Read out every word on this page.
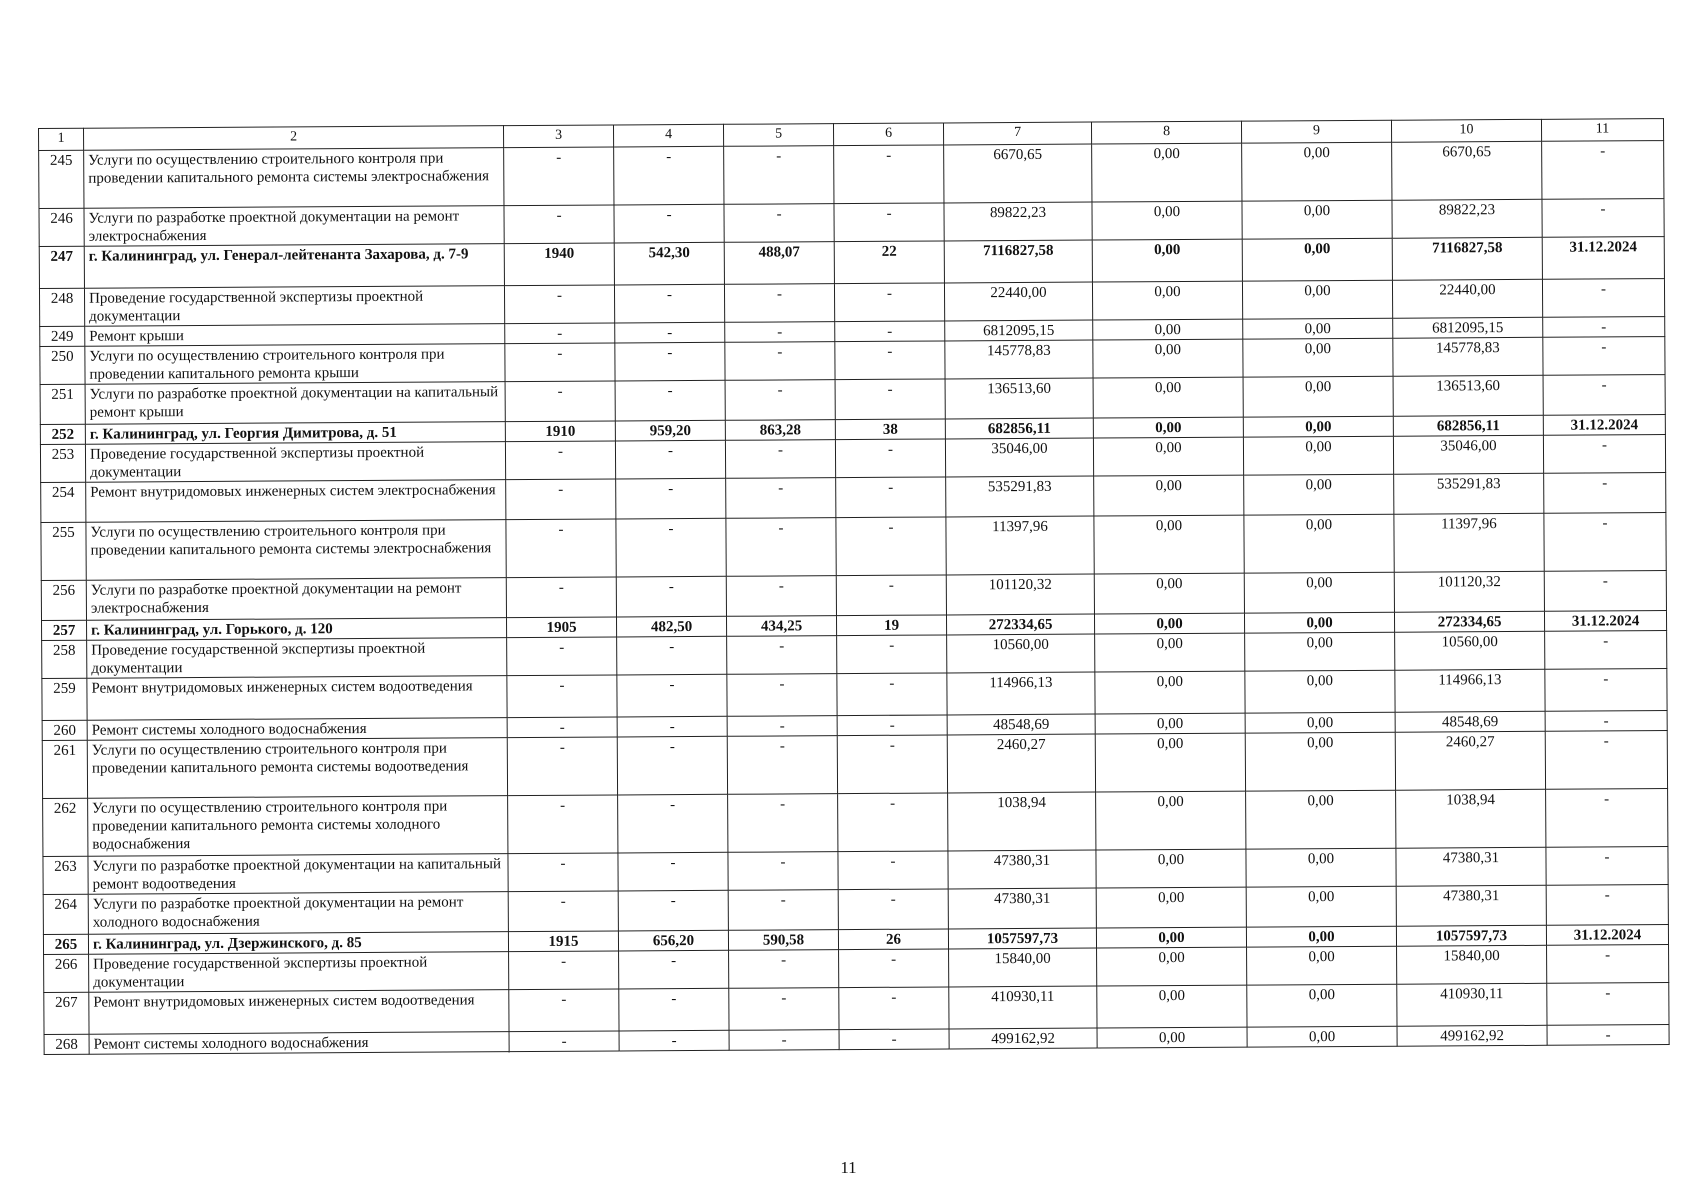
1	2	3	4	5	6	7	8	9	10	11
245	Услуги по осуществлению строительного контроля при проведении капитального ремонта системы электроснабжения	-	-	-	-	6670,65	0,00	0,00	6670,65	-
246	Услуги по разработке проектной документации на ремонт электроснабжения	-	-	-	-	89822,23	0,00	0,00	89822,23	-
247	г. Калининград, ул. Генерал-лейтенанта Захарова, д. 7-9	1940	542,30	488,07	22	7116827,58	0,00	0,00	7116827,58	31.12.2024
248	Проведение государственной экспертизы проектной документации	-	-	-	-	22440,00	0,00	0,00	22440,00	-
249	Ремонт крыши	-	-	-	-	6812095,15	0,00	0,00	6812095,15	-
250	Услуги по осуществлению строительного контроля при проведении капитального ремонта крыши	-	-	-	-	145778,83	0,00	0,00	145778,83	-
251	Услуги по разработке проектной документации на капитальный ремонт крыши	-	-	-	-	136513,60	0,00	0,00	136513,60	-
252	г. Калининград, ул. Георгия Димитрова, д. 51	1910	959,20	863,28	38	682856,11	0,00	0,00	682856,11	31.12.2024
253	Проведение государственной экспертизы проектной документации	-	-	-	-	35046,00	0,00	0,00	35046,00	-
254	Ремонт внутридомовых инженерных систем электроснабжения	-	-	-	-	535291,83	0,00	0,00	535291,83	-
255	Услуги по осуществлению строительного контроля при проведении капитального ремонта системы электроснабжения	-	-	-	-	11397,96	0,00	0,00	11397,96	-
256	Услуги по разработке проектной документации на ремонт электроснабжения	-	-	-	-	101120,32	0,00	0,00	101120,32	-
257	г. Калининград, ул. Горького, д. 120	1905	482,50	434,25	19	272334,65	0,00	0,00	272334,65	31.12.2024
258	Проведение государственной экспертизы проектной документации	-	-	-	-	10560,00	0,00	0,00	10560,00	-
259	Ремонт внутридомовых инженерных систем водоотведения	-	-	-	-	114966,13	0,00	0,00	114966,13	-
260	Ремонт системы холодного водоснабжения	-	-	-	-	48548,69	0,00	0,00	48548,69	-
261	Услуги по осуществлению строительного контроля при проведении капитального ремонта системы водоотведения	-	-	-	-	2460,27	0,00	0,00	2460,27	-
262	Услуги по осуществлению строительного контроля при проведении капитального ремонта системы холодного водоснабжения	-	-	-	-	1038,94	0,00	0,00	1038,94	-
263	Услуги по разработке проектной документации на капитальный ремонт водоотведения	-	-	-	-	47380,31	0,00	0,00	47380,31	-
264	Услуги по разработке проектной документации на ремонт холодного водоснабжения	-	-	-	-	47380,31	0,00	0,00	47380,31	-
265	г. Калининград, ул. Дзержинского, д. 85	1915	656,20	590,58	26	1057597,73	0,00	0,00	1057597,73	31.12.2024
266	Проведение государственной экспертизы проектной документации	-	-	-	-	15840,00	0,00	0,00	15840,00	-
267	Ремонт внутридомовых инженерных систем водоотведения	-	-	-	-	410930,11	0,00	0,00	410930,11	-
268	Ремонт системы холодного водоснабжения	-	-	-	-	499162,92	0,00	0,00	499162,92	-
11
